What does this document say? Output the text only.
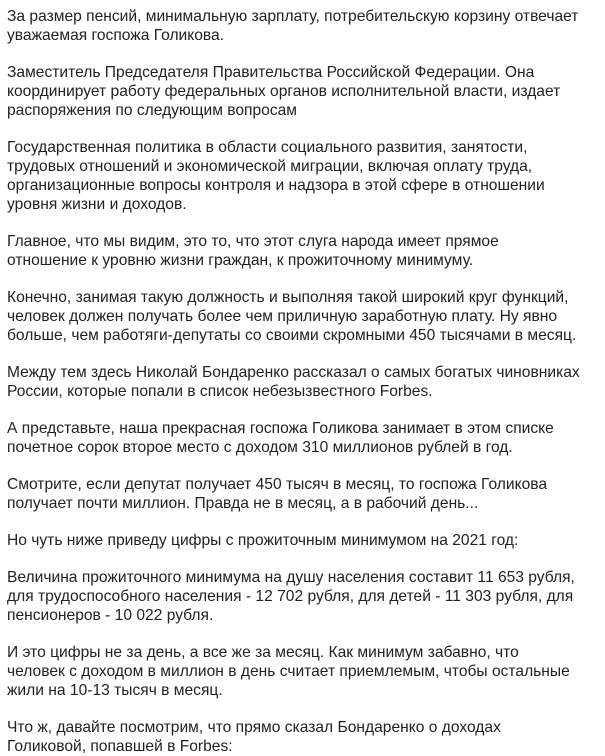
За размер пенсий, минимальную зарплату, потребительскую корзину отвечает
уважаемая госпожа Голикова.

Заместитель Председателя Правительства Российской Федерации. Она
координирует работу федеральных органов исполнительной власти, издает
распоряжения по следующим вопросам

Государственная политика в области социального развития, занятости,
трудовых отношений и экономической миграции, включая оплату труда,
организационные вопросы контроля и надзора в этой сфере в отношении
уровня жизни и доходов.

Главное, что мы видим, это то, что этот слуга народа имеет прямое
отношение к уровню жизни граждан, к прожиточному минимуму.

Конечно, занимая такую должность и выполняя такой широкий круг функций,
человек должен получать более чем приличную заработную плату. Ну явно
больше, чем работяги-депутаты со своими скромными 450 тысячами в месяц.

Между тем здесь Николай Бондаренко рассказал о самых богатых чиновниках
России, которые попали в список небезызвестного Forbes.

А представьте, наша прекрасная госпожа Голикова занимает в этом списке
почетное сорок второе место с доходом 310 миллионов рублей в год.

Смотрите, если депутат получает 450 тысяч в месяц, то госпожа Голикова
получает почти миллион. Правда не в месяц, а в рабочий день...

Но чуть ниже приведу цифры с прожиточным минимумом на 2021 год:

Величина прожиточного минимума на душу населения составит 11 653 рубля,
для трудоспособного населения - 12 702 рубля, для детей - 11 303 рубля, для
пенсионеров - 10 022 рубля.

И это цифры не за день, а все же за месяц. Как минимум забавно, что
человек с доходом в миллион в день считает приемлемым, чтобы остальные
жили на 10-13 тысяч в месяц.

Что ж, давайте посмотрим, что прямо сказал Бондаренко о доходах
Голиковой, попавшей в Forbes:
